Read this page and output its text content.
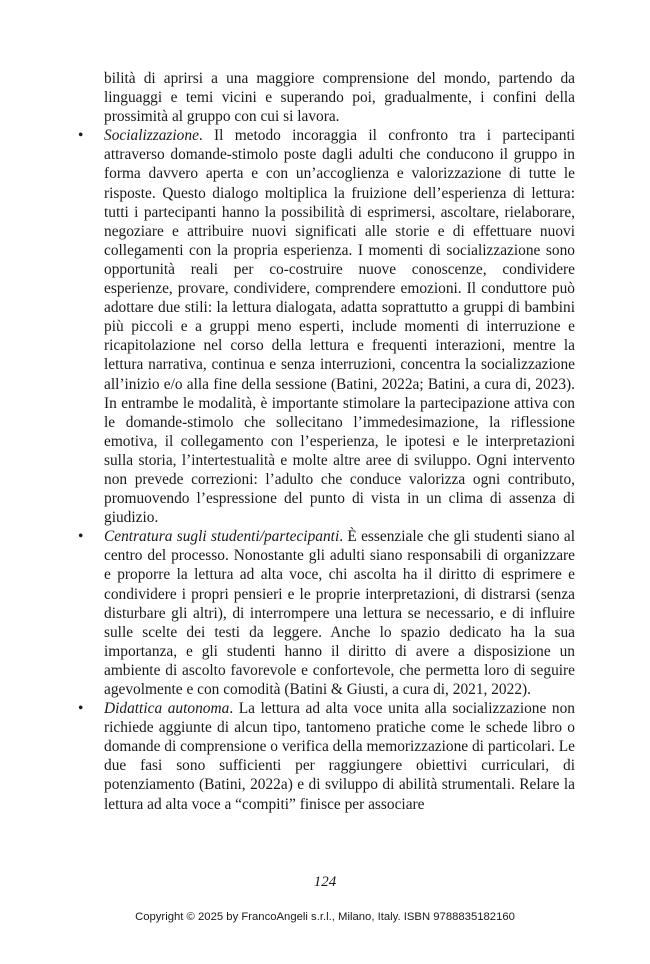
bilità di aprirsi a una maggiore comprensione del mondo, partendo da linguaggi e temi vicini e superando poi, gradualmente, i confini della prossimità al gruppo con cui si lavora.

•	Socializzazione. Il metodo incoraggia il confronto tra i partecipanti attraverso domande-stimolo poste dagli adulti che conducono il gruppo in forma davvero aperta e con un’accoglienza e valorizzazione di tutte le risposte. Questo dialogo moltiplica la fruizione dell’esperienza di lettura: tutti i partecipanti hanno la possibilità di esprimersi, ascoltare, rielaborare, negoziare e attribuire nuovi significati alle storie e di effettuare nuovi collegamenti con la propria esperienza. I momenti di socializzazione sono opportunità reali per co-costruire nuove conoscenze, condividere esperienze, provare, condividere, comprendere emozioni. Il conduttore può adottare due stili: la lettura dialogata, adatta soprattutto a gruppi di bambini più piccoli e a gruppi meno esperti, include momenti di interruzione e ricapitolazione nel corso della lettura e frequenti interazioni, mentre la lettura narrativa, continua e senza interruzioni, concentra la socializzazione all’inizio e/o alla fine della sessione (Batini, 2022a; Batini, a cura di, 2023). In entrambe le modalità, è importante stimolare la partecipazione attiva con le domande-stimolo che sollecitano l’immedesimazione, la riflessione emotiva, il collegamento con l’esperienza, le ipotesi e le interpretazioni sulla storia, l’intertestualità e molte altre aree di sviluppo. Ogni intervento non prevede correzioni: l’adulto che conduce valorizza ogni contributo, promuovendo l’espressione del punto di vista in un clima di assenza di giudizio.

•	Centratura sugli studenti/partecipanti. È essenziale che gli studenti siano al centro del processo. Nonostante gli adulti siano responsabili di organizzare e proporre la lettura ad alta voce, chi ascolta ha il diritto di esprimere e condividere i propri pensieri e le proprie interpretazioni, di distrarsi (senza disturbare gli altri), di interrompere una lettura se necessario, e di influire sulle scelte dei testi da leggere. Anche lo spazio dedicato ha la sua importanza, e gli studenti hanno il diritto di avere a disposizione un ambiente di ascolto favorevole e confortevole, che permetta loro di seguire agevolmente e con comodità (Batini & Giusti, a cura di, 2021, 2022).

•	Didattica autonoma. La lettura ad alta voce unita alla socializzazione non richiede aggiunte di alcun tipo, tantomeno pratiche come le schede libro o domande di comprensione o verifica della memorizzazione di particolari. Le due fasi sono sufficienti per raggiungere obiettivi curriculari, di potenziamento (Batini, 2022a) e di sviluppo di abilità strumentali. Relare la lettura ad alta voce a “compiti” finisce per associare

124
Copyright © 2025 by FrancoAngeli s.r.l., Milano, Italy. ISBN 9788835182160
